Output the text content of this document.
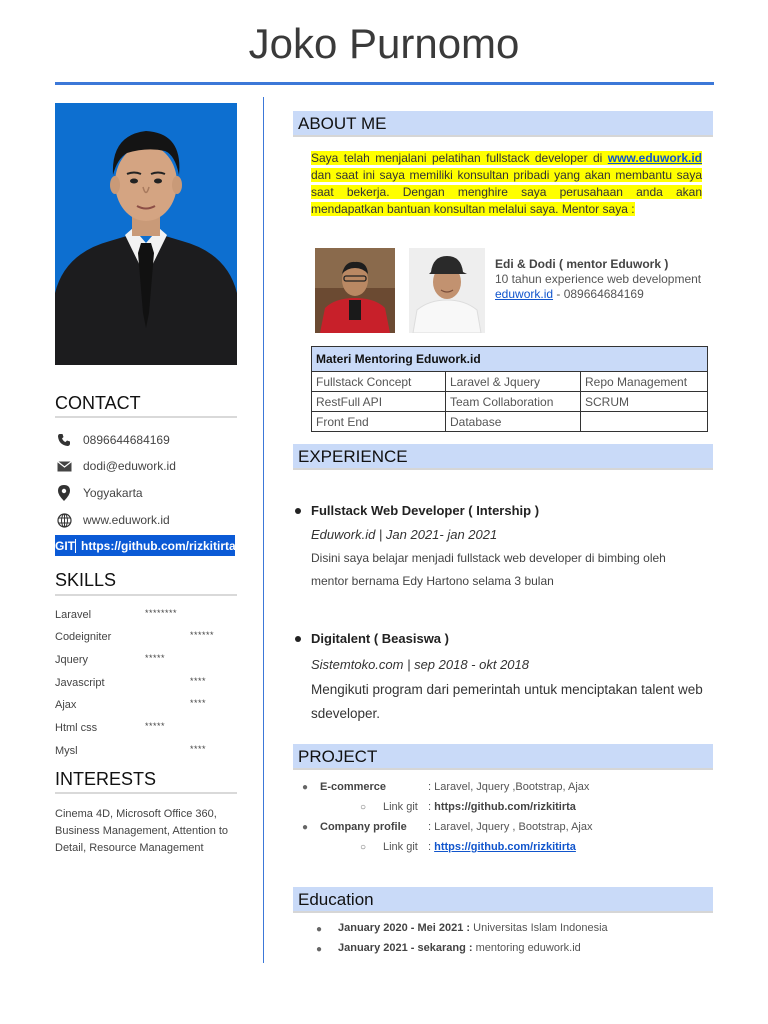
Joko Purnomo
CONTACT
0896644684169
dodi@eduwork.id
Yogyakarta
www.eduwork.id
GIT https://github.com/rizkitirta
SKILLS
Laravel	********
Codeigniter	******
Jquery	*****
Javascript	****
Ajax	****
Html css	*****
Mysl	****
INTERESTS
Cinema 4D, Microsoft Office 360, Business Management, Attention to Detail, Resource Management
ABOUT ME
Saya telah menjalani pelatihan fullstack developer di www.eduwork.id dan saat ini saya memiliki konsultan pribadi yang akan membantu saya saat bekerja. Dengan menghire saya perusahaan anda akan mendapatkan bantuan konsultan melalui saya. Mentor saya :
Edi & Dodi ( mentor Eduwork )
10 tahun experience web development
eduwork.id - 089664684169
Materi Mentoring Eduwork.id		
Fullstack Concept	Laravel & Jquery	Repo Management
RestFull API	Team Collaboration	SCRUM
Front End	Database	
EXPERIENCE
Fullstack Web Developer ( Intership )
Eduwork.id | Jan 2021- jan 2021
Disini saya belajar menjadi fullstack web developer di bimbing oleh
mentor bernama Edy Hartono selama 3 bulan
Digitalent ( Beasiswa )
Sistemtoko.com | sep 2018 - okt 2018
Mengikuti program dari pemerintah untuk menciptakan talent web
sdeveloper.
PROJECT
● E-commerce	: Laravel, Jquery ,Bootstrap, Ajax
○ Link git : https://github.com/rizkitirta
● Company profile : Laravel, Jquery , Bootstrap, Ajax
○ Link git : https://github.com/rizkitirta
Education
● January 2020 - Mei 2021 : Universitas Islam Indonesia
● January 2021 - sekarang : mentoring eduwork.id
